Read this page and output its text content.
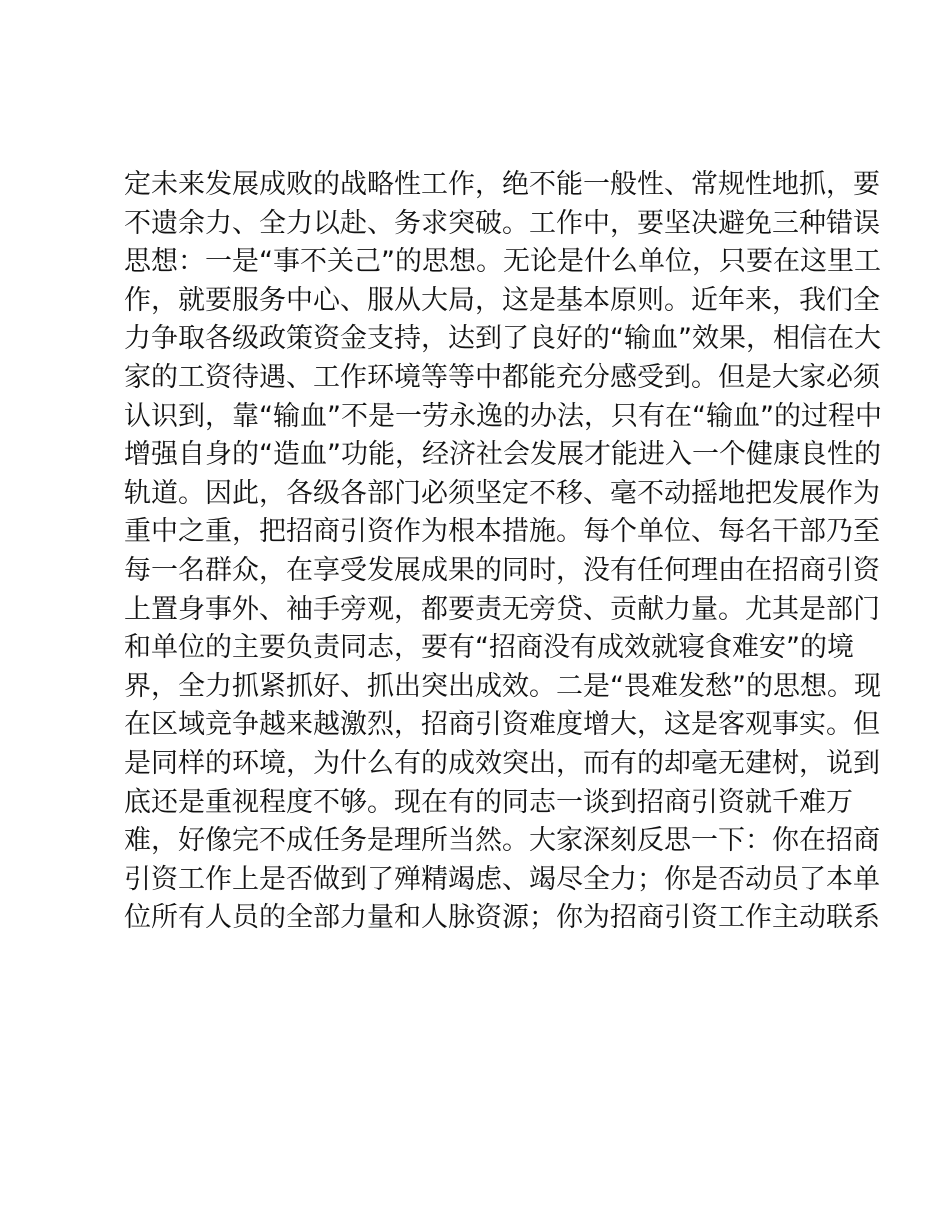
定未来发展成败的战略性工作，绝不能一般性、常规性地抓，要
不遗余力、全力以赴、务求突破。工作中，要坚决避免三种错误
思想：一是“事不关己”的思想。无论是什么单位，只要在这里工
作，就要服务中心、服从大局，这是基本原则。近年来，我们全
力争取各级政策资金支持，达到了良好的“输血”效果，相信在大
家的工资待遇、工作环境等等中都能充分感受到。但是大家必须
认识到，靠“输血”不是一劳永逸的办法，只有在“输血”的过程中
增强自身的“造血”功能，经济社会发展才能进入一个健康良性的
轨道。因此，各级各部门必须坚定不移、毫不动摇地把发展作为
重中之重，把招商引资作为根本措施。每个单位、每名干部乃至
每一名群众，在享受发展成果的同时，没有任何理由在招商引资
上置身事外、袖手旁观，都要责无旁贷、贡献力量。尤其是部门
和单位的主要负责同志，要有“招商没有成效就寝食难安”的境
界，全力抓紧抓好、抓出突出成效。二是“畏难发愁”的思想。现
在区域竞争越来越激烈，招商引资难度增大，这是客观事实。但
是同样的环境，为什么有的成效突出，而有的却毫无建树，说到
底还是重视程度不够。现在有的同志一谈到招商引资就千难万
难，好像完不成任务是理所当然。大家深刻反思一下：你在招商
引资工作上是否做到了殚精竭虑、竭尽全力；你是否动员了本单
位所有人员的全部力量和人脉资源；你为招商引资工作主动联系
